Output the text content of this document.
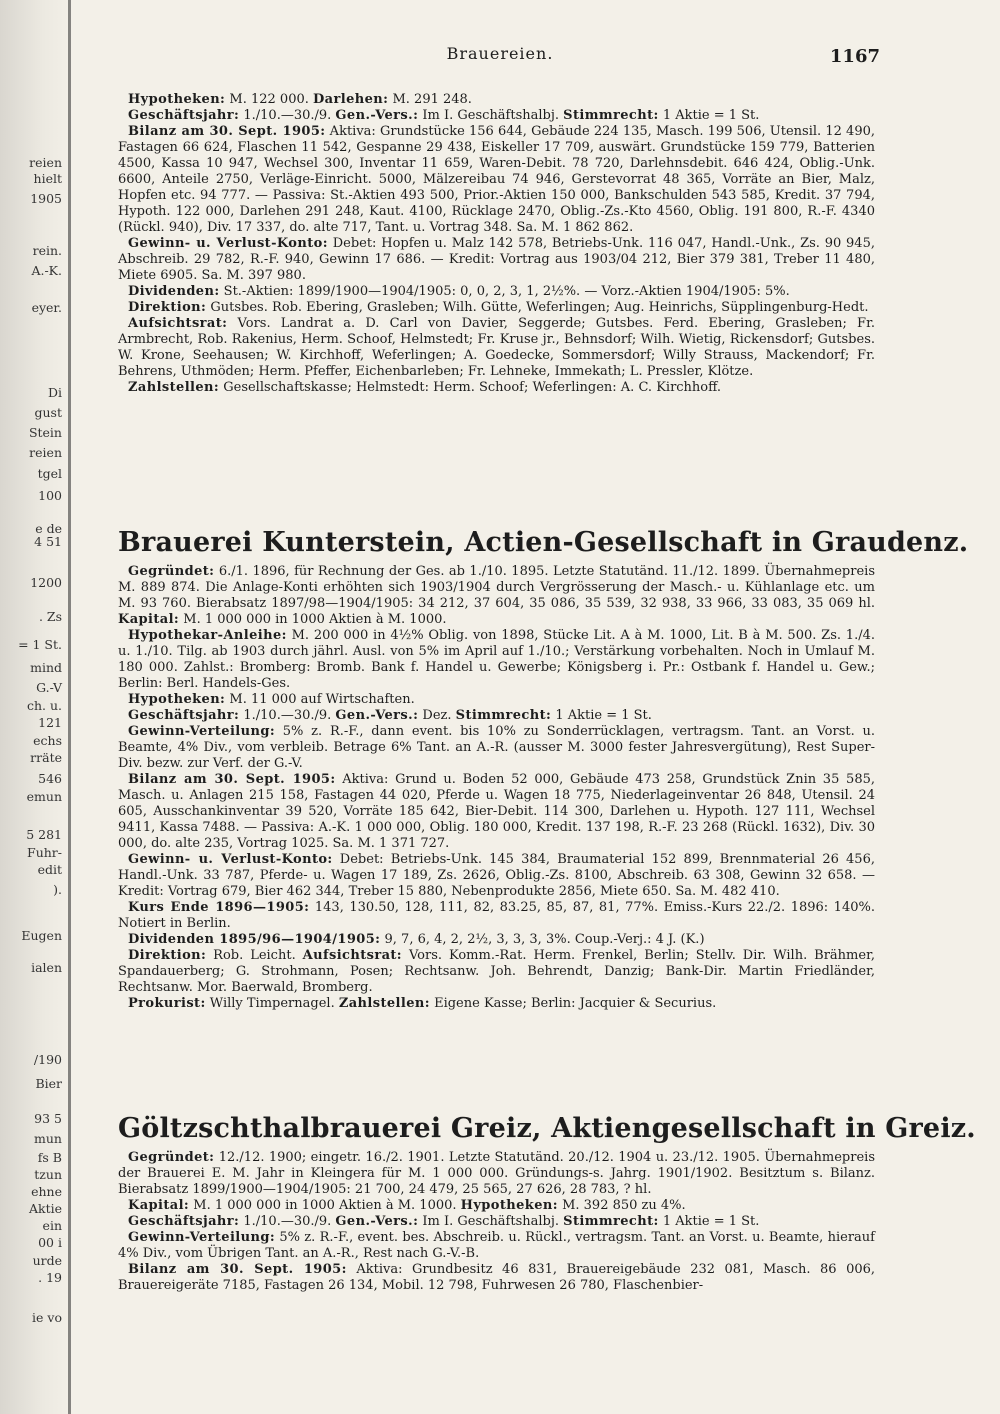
reien
hielt
1905
rein.
A.-K.
eyer.
Di
gust
Stein
reien
tgel
100
e de
4 51
1200
. Zs
= 1 St.
mind
G.-V
ch. u.
121
echs
rräte
546
emun
5 281
Fuhr-
edit
).
Eugen
ialen
/190
Bier
93 5
mun
fs B
tzun
ehne
Aktie
ein
00 i
urde
. 19
ie vo
Brauereien.	1167

Hypotheken: M. 122 000. Darlehen: M. 291 248.

Geschäftsjahr: 1./10.—30./9. Gen.-Vers.: Im I. Geschäftshalbj. Stimmrecht: 1 Aktie = 1 St.

Bilanz am 30. Sept. 1905: Aktiva: Grundstücke 156 644, Gebäude 224 135, Masch. 199 506, Utensil. 12 490, Fastagen 66 624, Flaschen 11 542, Gespanne 29 438, Eiskeller 17 709, auswärt. Grundstücke 159 779, Batterien 4500, Kassa 10 947, Wechsel 300, Inventar 11 659, Waren-Debit. 78 720, Darlehnsdebit. 646 424, Oblig.-Unk. 6600, Anteile 2750, Verläge-Einricht. 5000, Mälzereibau 74 946, Gerstevorrat 48 365, Vorräte an Bier, Malz, Hopfen etc. 94 777. — Passiva: St.-Aktien 493 500, Prior.-Aktien 150 000, Bankschulden 543 585, Kredit. 37 794, Hypoth. 122 000, Darlehen 291 248, Kaut. 4100, Rücklage 2470, Oblig.-Zs.-Kto 4560, Oblig. 191 800, R.-F. 4340 (Rückl. 940), Div. 17 337, do. alte 717, Tant. u. Vortrag 348. Sa. M. 1 862 862.

Gewinn- u. Verlust-Konto: Debet: Hopfen u. Malz 142 578, Betriebs-Unk. 116 047, Handl.-Unk., Zs. 90 945, Abschreib. 29 782, R.-F. 940, Gewinn 17 686. — Kredit: Vortrag aus 1903/04 212, Bier 379 381, Treber 11 480, Miete 6905. Sa. M. 397 980.

Dividenden: St.-Aktien: 1899/1900—1904/1905: 0, 0, 2, 3, 1, 2½%. — Vorz.-Aktien 1904/1905: 5%.

Direktion: Gutsbes. Rob. Ebering, Grasleben; Wilh. Gütte, Weferlingen; Aug. Heinrichs, Süpplingenburg-Hedt.

Aufsichtsrat: Vors. Landrat a. D. Carl von Davier, Seggerde; Gutsbes. Ferd. Ebering, Grasleben; Fr. Armbrecht, Rob. Rakenius, Herm. Schoof, Helmstedt; Fr. Kruse jr., Behnsdorf; Wilh. Wietig, Rickensdorf; Gutsbes. W. Krone, Seehausen; W. Kirchhoff, Weferlingen; A. Goedecke, Sommersdorf; Willy Strauss, Mackendorf; Fr. Behrens, Uthmöden; Herm. Pfeffer, Eichenbarleben; Fr. Lehneke, Immekath; L. Pressler, Klötze.

Zahlstellen: Gesellschaftskasse; Helmstedt: Herm. Schoof; Weferlingen: A. C. Kirchhoff.

Brauerei Kunterstein, Actien-Gesellschaft in Graudenz.

Gegründet: 6./1. 1896, für Rechnung der Ges. ab 1./10. 1895. Letzte Statutänd. 11./12. 1899. Übernahmepreis M. 889 874. Die Anlage-Konti erhöhten sich 1903/1904 durch Vergrösserung der Masch.- u. Kühlanlage etc. um M. 93 760. Bierabsatz 1897/98—1904/1905: 34 212, 37 604, 35 086, 35 539, 32 938, 33 966, 33 083, 35 069 hl. Kapital: M. 1 000 000 in 1000 Aktien à M. 1000.

Hypothekar-Anleihe: M. 200 000 in 4½% Oblig. von 1898, Stücke Lit. A à M. 1000, Lit. B à M. 500. Zs. 1./4. u. 1./10. Tilg. ab 1903 durch jährl. Ausl. von 5% im April auf 1./10.; Verstärkung vorbehalten. Noch in Umlauf M. 180 000. Zahlst.: Bromberg: Bromb. Bank f. Handel u. Gewerbe; Königsberg i. Pr.: Ostbank f. Handel u. Gew.; Berlin: Berl. Handels-Ges.

Hypotheken: M. 11 000 auf Wirtschaften.

Geschäftsjahr: 1./10.—30./9. Gen.-Vers.: Dez. Stimmrecht: 1 Aktie = 1 St.

Gewinn-Verteilung: 5% z. R.-F., dann event. bis 10% zu Sonderrücklagen, vertragsm. Tant. an Vorst. u. Beamte, 4% Div., vom verbleib. Betrage 6% Tant. an A.-R. (ausser M. 3000 fester Jahresvergütung), Rest Super-Div. bezw. zur Verf. der G.-V.

Bilanz am 30. Sept. 1905: Aktiva: Grund u. Boden 52 000, Gebäude 473 258, Grundstück Znin 35 585, Masch. u. Anlagen 215 158, Fastagen 44 020, Pferde u. Wagen 18 775, Niederlageinventar 26 848, Utensil. 24 605, Ausschankinventar 39 520, Vorräte 185 642, Bier-Debit. 114 300, Darlehen u. Hypoth. 127 111, Wechsel 9411, Kassa 7488. — Passiva: A.-K. 1 000 000, Oblig. 180 000, Kredit. 137 198, R.-F. 23 268 (Rückl. 1632), Div. 30 000, do. alte 235, Vortrag 1025. Sa. M. 1 371 727.

Gewinn- u. Verlust-Konto: Debet: Betriebs-Unk. 145 384, Braumaterial 152 899, Brennmaterial 26 456, Handl.-Unk. 33 787, Pferde- u. Wagen 17 189, Zs. 2626, Oblig.-Zs. 8100, Abschreib. 63 308, Gewinn 32 658. — Kredit: Vortrag 679, Bier 462 344, Treber 15 880, Nebenprodukte 2856, Miete 650. Sa. M. 482 410.

Kurs Ende 1896—1905: 143, 130.50, 128, 111, 82, 83.25, 85, 87, 81, 77%. Emiss.-Kurs 22./2. 1896: 140%. Notiert in Berlin.

Dividenden 1895/96—1904/1905: 9, 7, 6, 4, 2, 2½, 3, 3, 3, 3%. Coup.-Verj.: 4 J. (K.)

Direktion: Rob. Leicht. Aufsichtsrat: Vors. Komm.-Rat. Herm. Frenkel, Berlin; Stellv. Dir. Wilh. Brähmer, Spandauerberg; G. Strohmann, Posen; Rechtsanw. Joh. Behrendt, Danzig; Bank-Dir. Martin Friedländer, Rechtsanw. Mor. Baerwald, Bromberg.

Prokurist: Willy Timpernagel. Zahlstellen: Eigene Kasse; Berlin: Jacquier & Securius.

Göltzschthalbrauerei Greiz, Aktiengesellschaft in Greiz.

Gegründet: 12./12. 1900; eingetr. 16./2. 1901. Letzte Statutänd. 20./12. 1904 u. 23./12. 1905. Übernahmepreis der Brauerei E. M. Jahr in Kleingera für M. 1 000 000. Gründungs-s. Jahrg. 1901/1902. Besitztum s. Bilanz. Bierabsatz 1899/1900—1904/1905: 21 700, 24 479, 25 565, 27 626, 28 783, ? hl.

Kapital: M. 1 000 000 in 1000 Aktien à M. 1000. Hypotheken: M. 392 850 zu 4%.

Geschäftsjahr: 1./10.—30./9. Gen.-Vers.: Im I. Geschäftshalbj. Stimmrecht: 1 Aktie = 1 St.

Gewinn-Verteilung: 5% z. R.-F., event. bes. Abschreib. u. Rückl., vertragsm. Tant. an Vorst. u. Beamte, hierauf 4% Div., vom Übrigen Tant. an A.-R., Rest nach G.-V.-B.

Bilanz am 30. Sept. 1905: Aktiva: Grundbesitz 46 831, Brauereigebäude 232 081, Masch. 86 006, Brauereigeräte 7185, Fastagen 26 134, Mobil. 12 798, Fuhrwesen 26 780, Flaschenbier-
